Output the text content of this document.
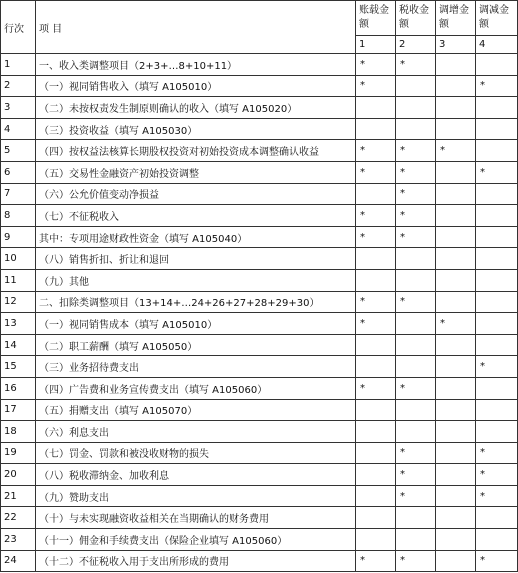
行次	项 目	账载金额	税收金额	调增金额	调减金额
		1	2	3	4
1	一、收入类调整项目（2+3+…8+10+11）	*	*		
2	（一）视同销售收入（填写 A105010）	*			*
3	（二）未按权责发生制原则确认的收入（填写 A105020）				
4	（三）投资收益（填写 A105030）				
5	（四）按权益法核算长期股权投资对初始投资成本调整确认收益	*	*	*	
6	（五）交易性金融资产初始投资调整	*	*		*
7	（六）公允价值变动净损益		*		
8	（七）不征税收入	*	*		
9	其中：专项用途财政性资金（填写 A105040）	*	*		
10	（八）销售折扣、折让和退回				
11	（九）其他				
12	二、扣除类调整项目（13+14+…24+26+27+28+29+30）	*	*		
13	（一）视同销售成本（填写 A105010）	*		*	
14	（二）职工薪酬（填写 A105050）				
15	（三）业务招待费支出				*
16	（四）广告费和业务宣传费支出（填写 A105060）	*	*		
17	（五）捐赠支出（填写 A105070）				
18	（六）利息支出				
19	（七）罚金、罚款和被没收财物的损失		*		*
20	（八）税收滞纳金、加收利息		*		*
21	（九）赞助支出		*		*
22	（十）与未实现融资收益相关在当期确认的财务费用				
23	（十一）佣金和手续费支出（保险企业填写 A105060）				
24	（十二）不征税收入用于支出所形成的费用	*	*		*
